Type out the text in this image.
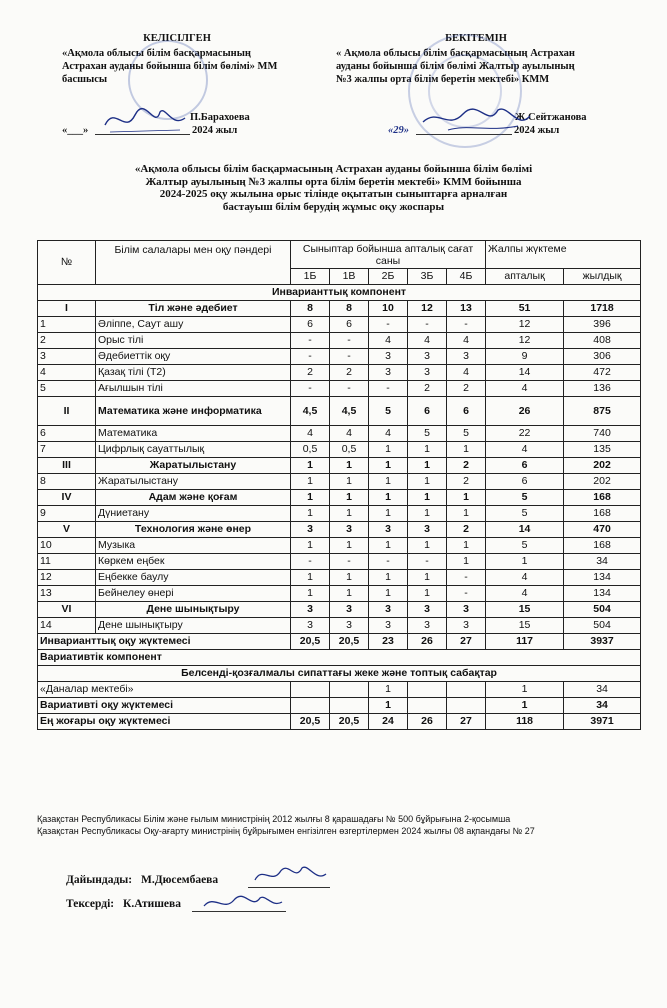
КЕЛІСІЛГЕН
«Ақмола облысы білім басқармасының
Астрахан ауданы бойынша білім бөлімі» ММ
басшысы
П.Барахоева
«___»	2024 жыл
БЕКІТЕМІН
« Ақмола облысы білім басқармасының Астрахан
ауданы бойынша білім бөлімі Жалтыр ауылының
№3 жалпы орта білім беретін мектебі» КММ
Ж.Сейтжанова
«29»	2024 жыл
«Ақмола облысы білім басқармасының Астрахан ауданы бойынша білім бөлімі
Жалтыр ауылының №3 жалпы орта білім беретін мектебі» КММ бойынша
2024-2025 оқу жылына орыс тілінде оқытатын сыныптарға арналған
бастауыш білім берудің жұмыс оқу жоспары
№	Білім салалары мен оқу пәндері	Сыныптар бойынша апталық сағат саны					Жалпы жүктеме	
		1Б	1В	2Б	3Б	4Б	апталық	жылдық
Инварианттық компонент								
I	Тіл және әдебиет	8	8	10	12	13	51	1718
1	Әліппе, Сaут ашу	6	6	-	-	-	12	396
2	Орыс тілі	-	-	4	4	4	12	408
3	Әдебиеттік оқу	-	-	3	3	3	9	306
4	Қазақ тілі (Т2)	2	2	3	3	4	14	472
5	Ағылшын тілі	-	-	-	2	2	4	136
II	Математика және информатика	4,5	4,5	5	6	6	26	875
6	Математика	4	4	4	5	5	22	740
7	Цифрлық сауаттылық	0,5	0,5	1	1	1	4	135
III	Жаратылыстану	1	1	1	1	2	6	202
8	Жаратылыстану	1	1	1	1	2	6	202
IV	Адам және қоғам	1	1	1	1	1	5	168
9	Дүниетану	1	1	1	1	1	5	168
V	Технология және өнер	3	3	3	3	2	14	470
10	Музыка	1	1	1	1	1	5	168
11	Көркем еңбек	-	-	-	-	1	1	34
12	Еңбекке баулу	1	1	1	1	-	4	134
13	Бейнелеу өнері	1	1	1	1	-	4	134
VI	Дене шынықтыру	3	3	3	3	3	15	504
14	Дене шынықтыру	3	3	3	3	3	15	504
Инварианттық оқу жүктемесі		20,5	20,5	23	26	27	117	3937
Вариативтік компонент								
Белсенді-қозғалмалы сипаттағы жеке және топтық сабақтар								
«Даналар мектебі»				1			1	34
Вариативті оқу жүктемесі				1			1	34
Ең жоғары оқу жүктемесі		20,5	20,5	24	26	27	118	3971
Қазақстан Республикасы Білім және ғылым министрінің 2012 жылғы 8 қарашадағы № 500 бұйрығына 2-қосымша
Қазақстан Республикасы Оқу-ағарту министрінің бұйрығымен енгізілген өзгертілермен 2024 жылғы 08 ақпандағы № 27
Дайындады: М.Дюсембаева
Тексерді: К.Атишева
